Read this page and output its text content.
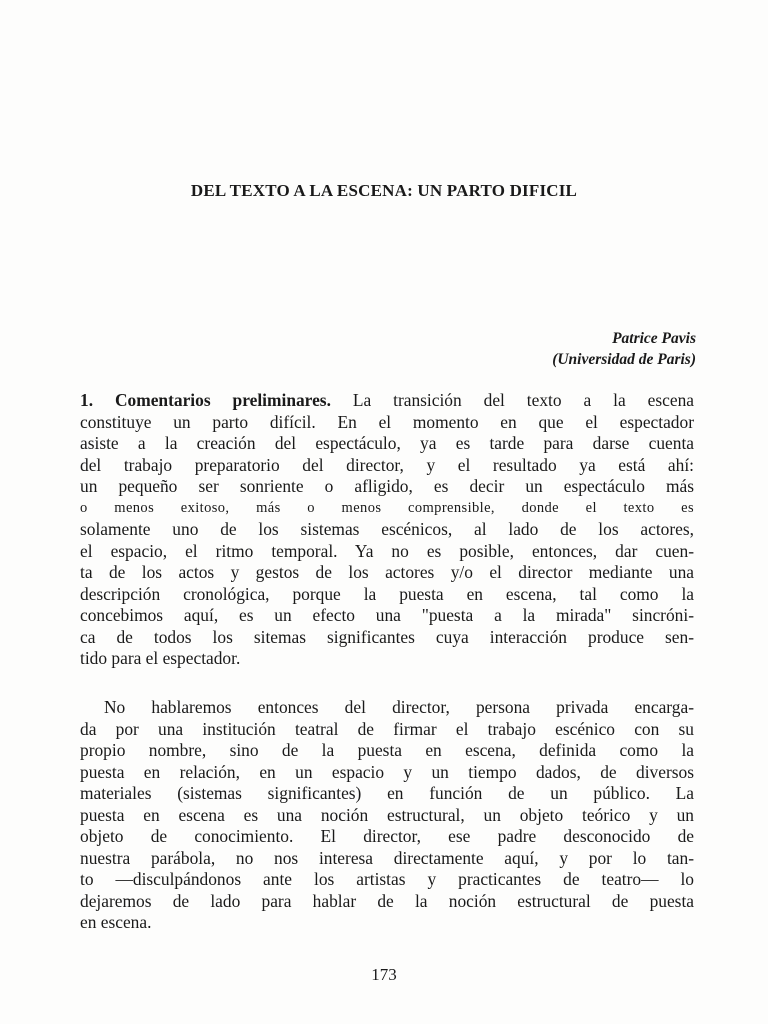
DEL TEXTO A LA ESCENA: UN PARTO DIFICIL
Patrice Pavis
(Universidad de Paris)
1. Comentarios preliminares. La transición del texto a la escena
constituye un parto difícil. En el momento en que el espectador
asiste a la creación del espectáculo, ya es tarde para darse cuenta
del trabajo preparatorio del director, y el resultado ya está ahí:
un pequeño ser sonriente o afligido, es decir un espectáculo más
o menos exitoso, más o menos comprensible, donde el texto es
solamente uno de los sistemas escénicos, al lado de los actores,
el espacio, el ritmo temporal. Ya no es posible, entonces, dar cuen-
ta de los actos y gestos de los actores y/o el director mediante una
descripción cronológica, porque la puesta en escena, tal como la
concebimos aquí, es un efecto una "puesta a la mirada" sincróni-
ca de todos los sitemas significantes cuya interacción produce sen-
tido para el espectador.
No hablaremos entonces del director, persona privada encarga-
da por una institución teatral de firmar el trabajo escénico con su
propio nombre, sino de la puesta en escena, definida como la
puesta en relación, en un espacio y un tiempo dados, de diversos
materiales (sistemas significantes) en función de un público. La
puesta en escena es una noción estructural, un objeto teórico y un
objeto de conocimiento. El director, ese padre desconocido de
nuestra parábola, no nos interesa directamente aquí, y por lo tan-
to —disculpándonos ante los artistas y practicantes de teatro— lo
dejaremos de lado para hablar de la noción estructural de puesta
en escena.
173
